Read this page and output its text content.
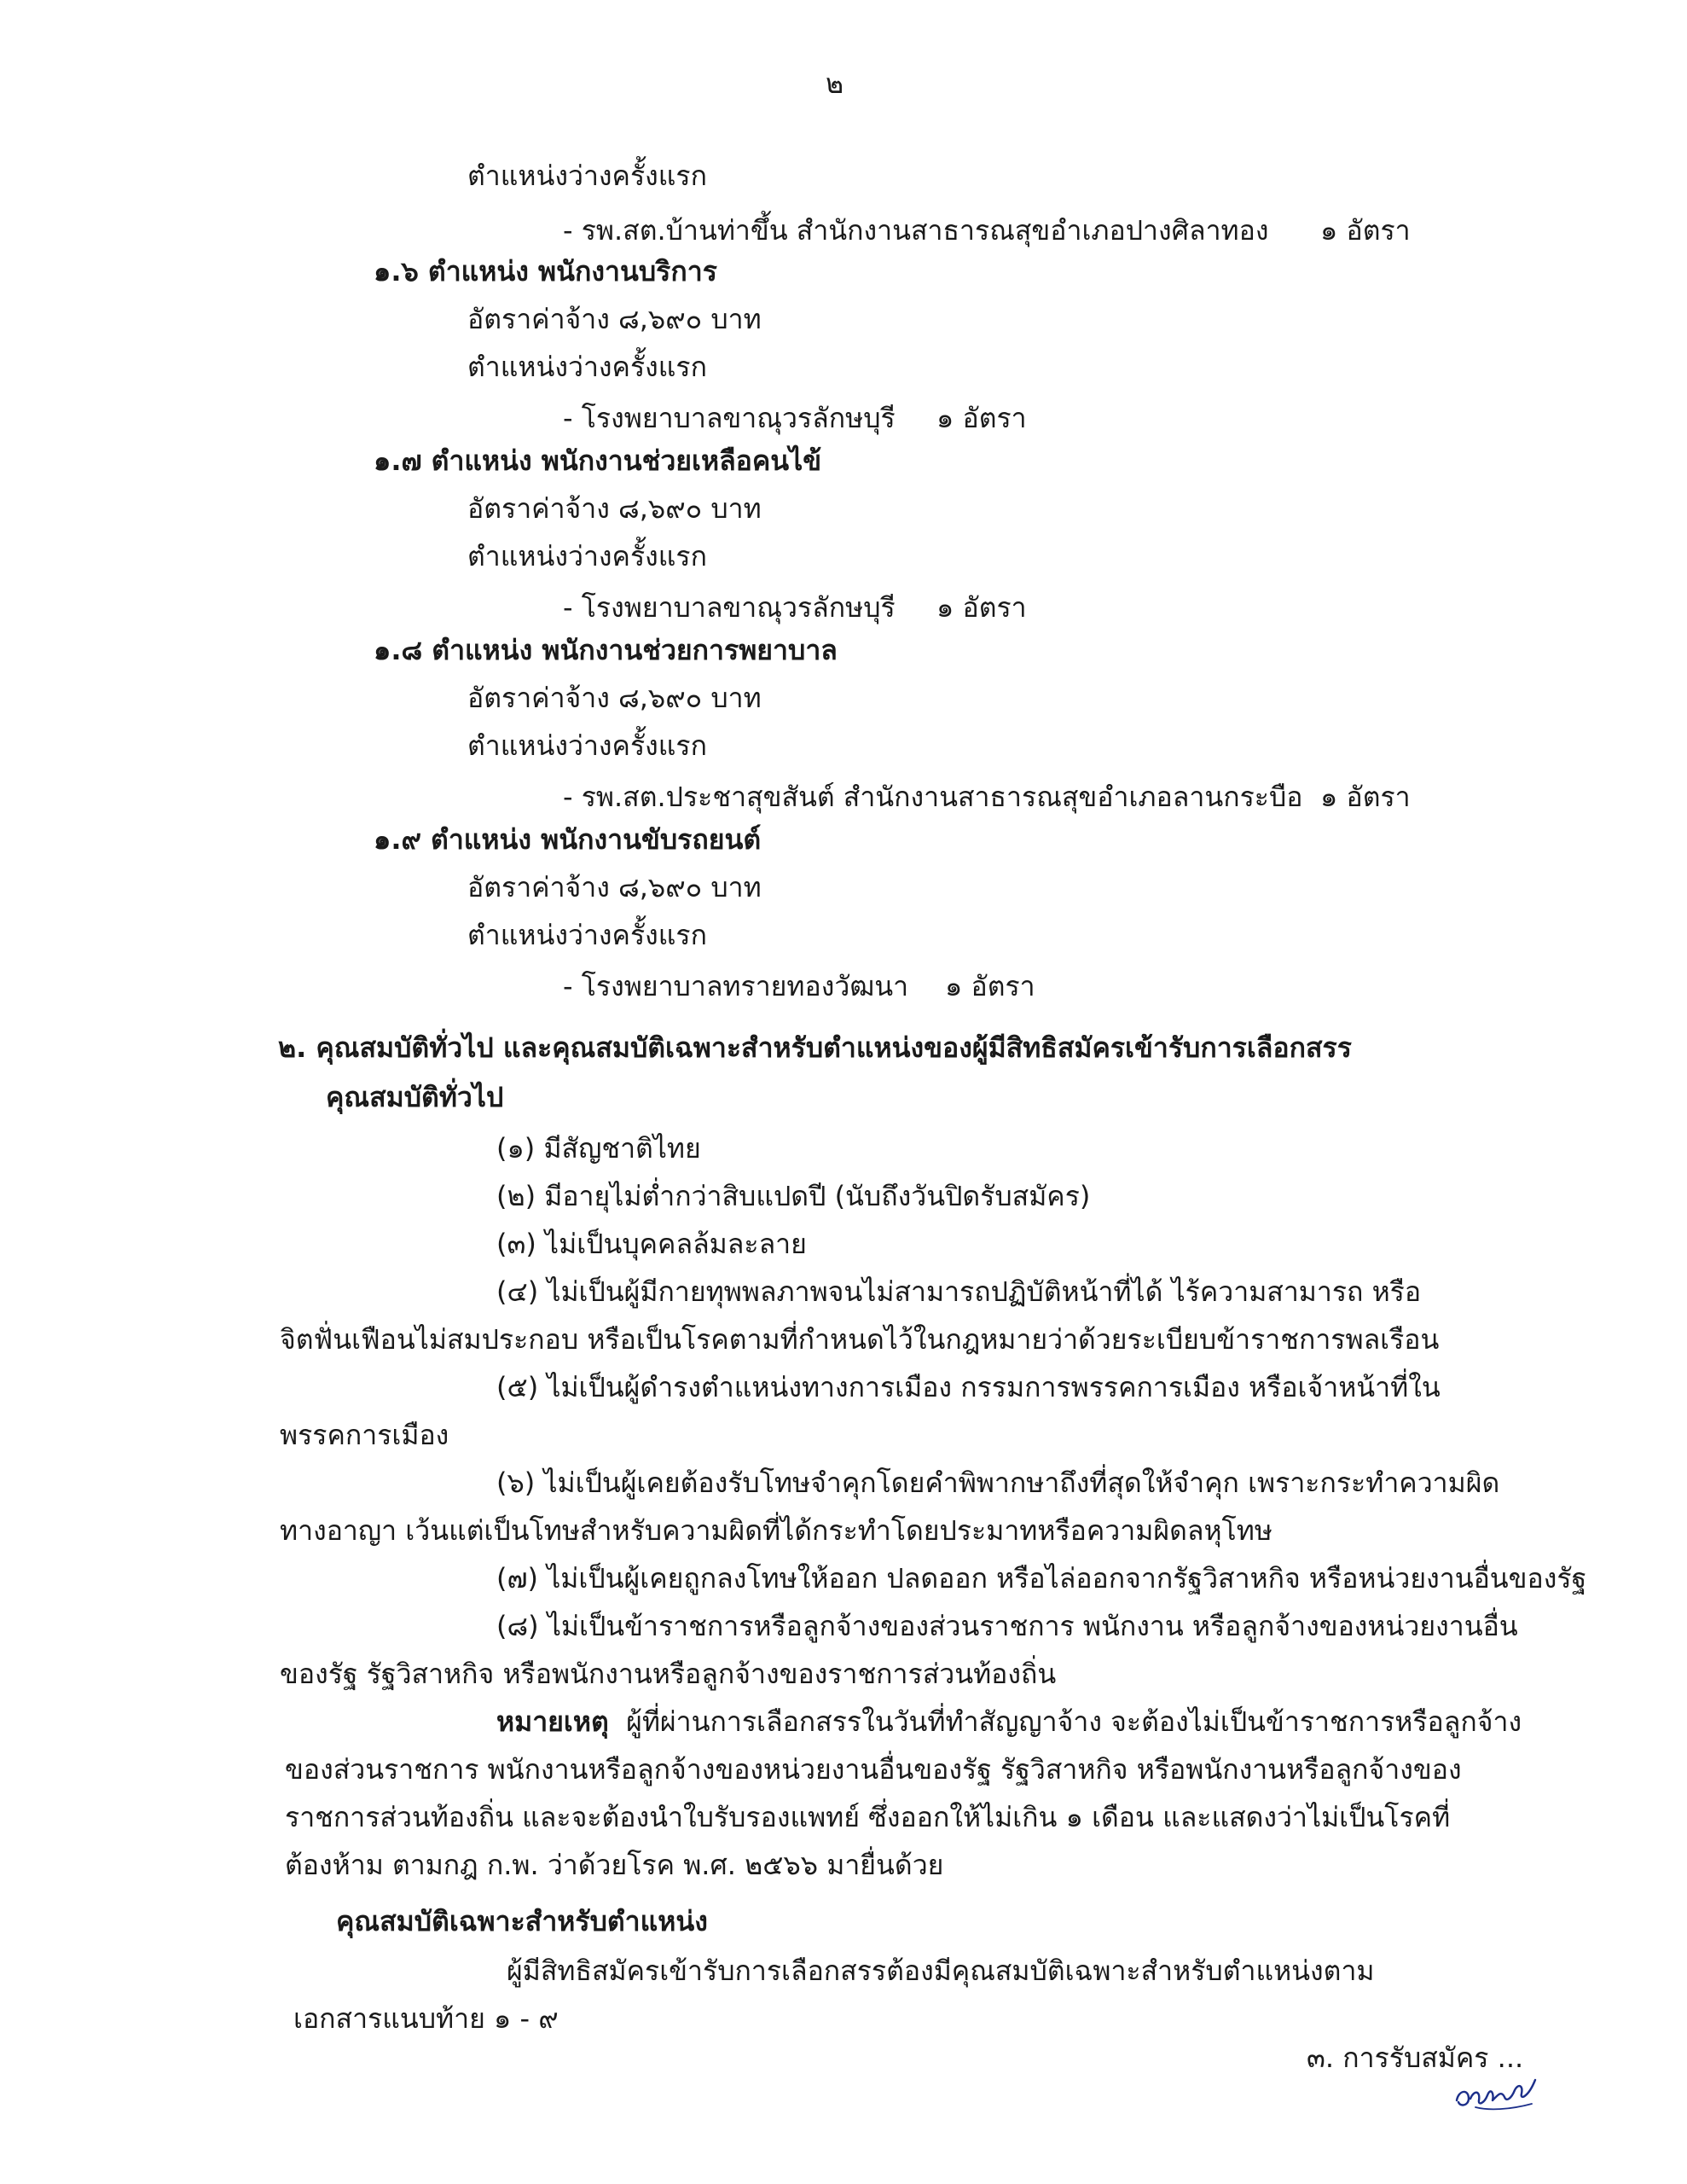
๒
ตำแหน่งว่างครั้งแรก
- รพ.สต.บ้านท่าขึ้น สำนักงานสาธารณสุขอำเภอปางศิลาทอง ๑ อัตรา
๑.๖ ตำแหน่ง พนักงานบริการ
อัตราค่าจ้าง ๘,๖๙๐ บาท
ตำแหน่งว่างครั้งแรก
- โรงพยาบาลขาณุวรลักษบุรี ๑ อัตรา
๑.๗ ตำแหน่ง พนักงานช่วยเหลือคนไข้
อัตราค่าจ้าง ๘,๖๙๐ บาท
ตำแหน่งว่างครั้งแรก
- โรงพยาบาลขาณุวรลักษบุรี ๑ อัตรา
๑.๘ ตำแหน่ง พนักงานช่วยการพยาบาล
อัตราค่าจ้าง ๘,๖๙๐ บาท
ตำแหน่งว่างครั้งแรก
- รพ.สต.ประชาสุขสันต์ สำนักงานสาธารณสุขอำเภอลานกระบือ ๑ อัตรา
๑.๙ ตำแหน่ง พนักงานขับรถยนต์
อัตราค่าจ้าง ๘,๖๙๐ บาท
ตำแหน่งว่างครั้งแรก
- โรงพยาบาลทรายทองวัฒนา ๑ อัตรา
๒. คุณสมบัติทั่วไป และคุณสมบัติเฉพาะสำหรับตำแหน่งของผู้มีสิทธิสมัครเข้ารับการเลือกสรร
คุณสมบัติทั่วไป
(๑) มีสัญชาติไทย
(๒) มีอายุไม่ต่ำกว่าสิบแปดปี (นับถึงวันปิดรับสมัคร)
(๓) ไม่เป็นบุคคลล้มละลาย
(๔) ไม่เป็นผู้มีกายทุพพลภาพจนไม่สามารถปฏิบัติหน้าที่ได้ ไร้ความสามารถ หรือ
จิตฟั่นเฟือนไม่สมประกอบ หรือเป็นโรคตามที่กำหนดไว้ในกฎหมายว่าด้วยระเบียบข้าราชการพลเรือน
(๕) ไม่เป็นผู้ดำรงตำแหน่งทางการเมือง กรรมการพรรคการเมือง หรือเจ้าหน้าที่ใน
พรรคการเมือง
(๖) ไม่เป็นผู้เคยต้องรับโทษจำคุกโดยคำพิพากษาถึงที่สุดให้จำคุก เพราะกระทำความผิด
ทางอาญา เว้นแต่เป็นโทษสำหรับความผิดที่ได้กระทำโดยประมาทหรือความผิดลหุโทษ
(๗) ไม่เป็นผู้เคยถูกลงโทษให้ออก ปลดออก หรือไล่ออกจากรัฐวิสาหกิจ หรือหน่วยงานอื่นของรัฐ
(๘) ไม่เป็นข้าราชการหรือลูกจ้างของส่วนราชการ พนักงาน หรือลูกจ้างของหน่วยงานอื่น
ของรัฐ รัฐวิสาหกิจ หรือพนักงานหรือลูกจ้างของราชการส่วนท้องถิ่น
หมายเหตุ ผู้ที่ผ่านการเลือกสรรในวันที่ทำสัญญาจ้าง จะต้องไม่เป็นข้าราชการหรือลูกจ้าง
ของส่วนราชการ พนักงานหรือลูกจ้างของหน่วยงานอื่นของรัฐ รัฐวิสาหกิจ หรือพนักงานหรือลูกจ้างของ
ราชการส่วนท้องถิ่น และจะต้องนำใบรับรองแพทย์ ซึ่งออกให้ไม่เกิน ๑ เดือน และแสดงว่าไม่เป็นโรคที่
ต้องห้าม ตามกฎ ก.พ. ว่าด้วยโรค พ.ศ. ๒๕๖๖ มายื่นด้วย
คุณสมบัติเฉพาะสำหรับตำแหน่ง
ผู้มีสิทธิสมัครเข้ารับการเลือกสรรต้องมีคุณสมบัติเฉพาะสำหรับตำแหน่งตาม
เอกสารแนบท้าย ๑ - ๙
๓. การรับสมัคร ...
